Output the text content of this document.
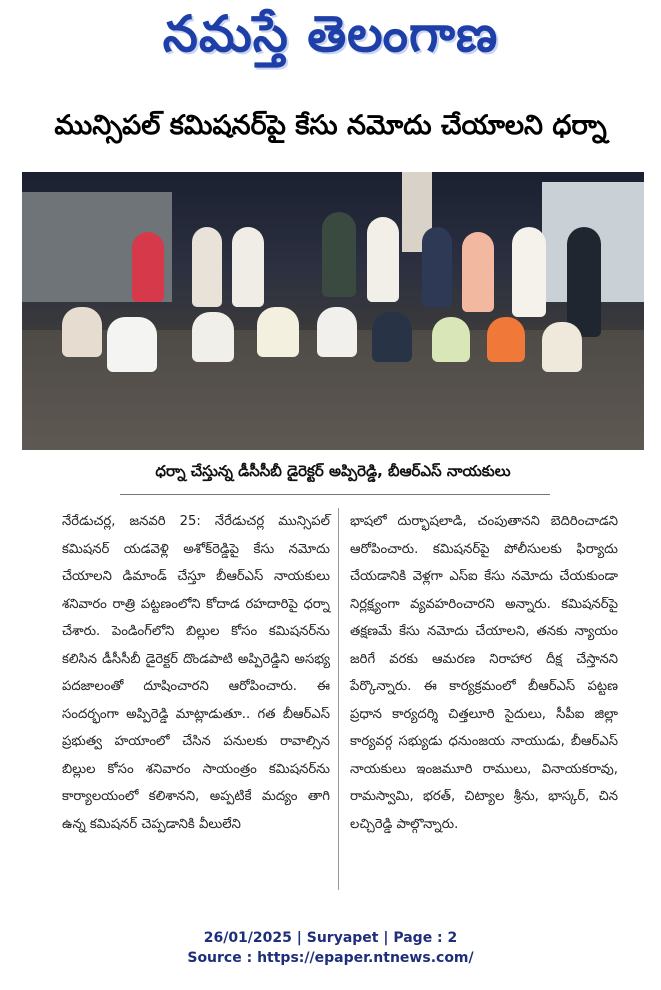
నమస్తే తెలంగాణ
మున్సిపల్ కమిషనర్‌పై కేసు నమోదు చేయాలని ధర్నా
ధర్నా చేస్తున్న డీసీసీబీ డైరెక్టర్ అప్పిరెడ్డి, బీఆర్‌ఎస్ నాయకులు
నేరేడుచర్ల, జనవరి 25: నేరేడుచర్ల మున్సిపల్ కమిషనర్ యడవెళ్లి అశోక్‌రెడ్డిపై కేసు నమోదు చేయాలని డిమాండ్ చేస్తూ బీఆర్‌ఎస్ నాయకులు శనివారం రాత్రి పట్టణంలోని కోదాడ రహదారిపై ధర్నా చేశారు. పెండింగ్‌లోని బిల్లుల కోసం కమిషనర్‌ను కలిసిన డీసీసీబీ డైరెక్టర్ దొండపాటి అప్పిరెడ్డిని అసభ్య పదజాలంతో దూషించారని ఆరోపించారు. ఈ సందర్భంగా అప్పిరెడ్డి మాట్లాడుతూ.. గత బీఆర్‌ఎస్ ప్రభుత్వ హయాంలో చేసిన పనులకు రావాల్సిన బిల్లుల కోసం శనివారం సాయంత్రం కమిషనర్‌ను కార్యాలయంలో కలిశానని, అప్పటికే మద్యం తాగి ఉన్న కమిషనర్ చెప్పడానికి వీలులేని
భాషలో దుర్భాషలాడి, చంపుతానని బెదిరించాడని ఆరోపించారు. కమిషనర్‌పై పోలీసులకు ఫిర్యాదు చేయడానికి వెళ్లగా ఎస్ఐ కేసు నమోదు చేయకుండా నిర్లక్ష్యంగా వ్యవహరించారని అన్నారు. కమిషనర్‌పై తక్షణమే కేసు నమోదు చేయాలని, తనకు న్యాయం జరిగే వరకు ఆమరణ నిరాహార దీక్ష చేస్తానని పేర్కొన్నారు. ఈ కార్యక్రమంలో బీఆర్‌ఎస్ పట్టణ ప్రధాన కార్యదర్శి చిత్తలూరి సైదులు, సీపీఐ జిల్లా కార్యవర్గ సభ్యుడు ధనుంజయ నాయుడు, బీఆర్‌ఎస్ నాయకులు ఇంజమూరి రాములు, వినాయకరావు, రామస్వామి, భరత్, చిట్యాల శ్రీను, భాస్కర్, చిన లచ్చిరెడ్డి పాల్గొన్నారు.
26/01/2025 | Suryapet | Page : 2
Source : https://epaper.ntnews.com/
